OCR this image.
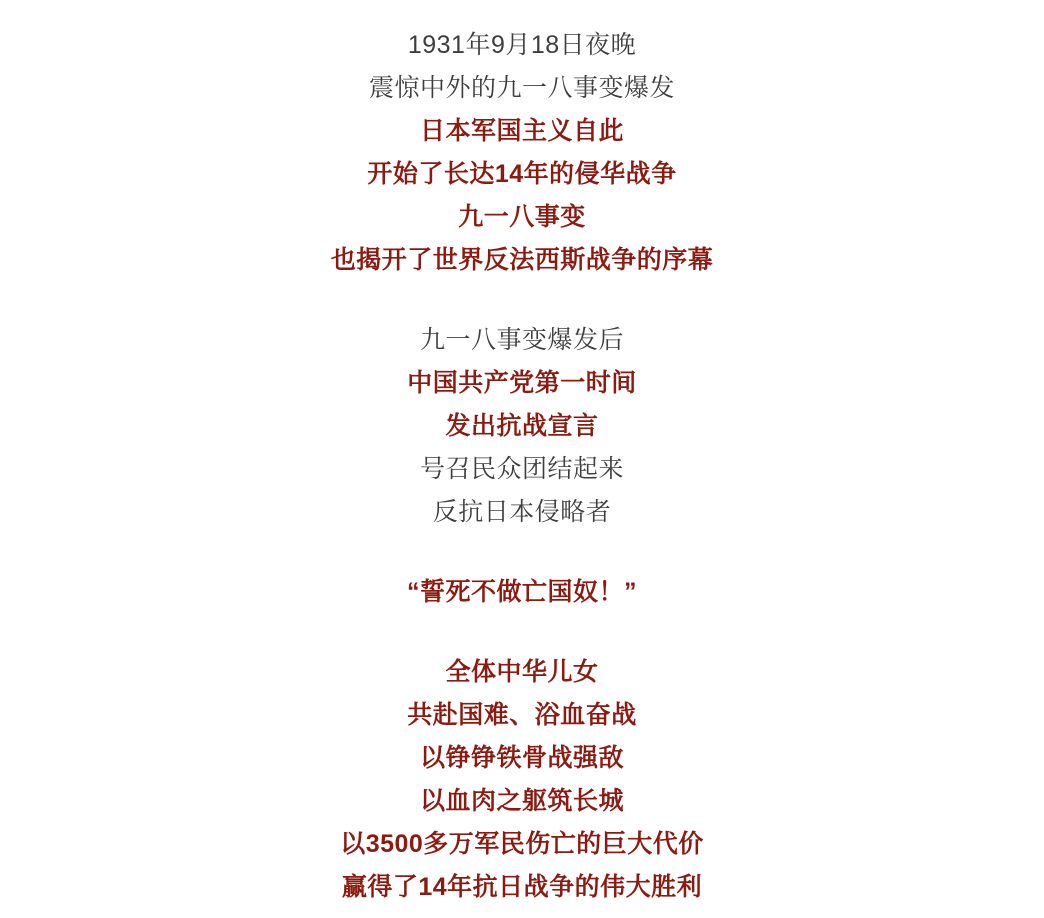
1931年9月18日夜晚

震惊中外的九一八事变爆发

日本军国主义自此

开始了长达14年的侵华战争

九一八事变

也揭开了世界反法西斯战争的序幕

九一八事变爆发后

中国共产党第一时间

发出抗战宣言

号召民众团结起来

反抗日本侵略者

“誓死不做亡国奴！”

全体中华儿女

共赴国难、浴血奋战

以铮铮铁骨战强敌

以血肉之躯筑长城

以3500多万军民伤亡的巨大代价

赢得了14年抗日战争的伟大胜利
